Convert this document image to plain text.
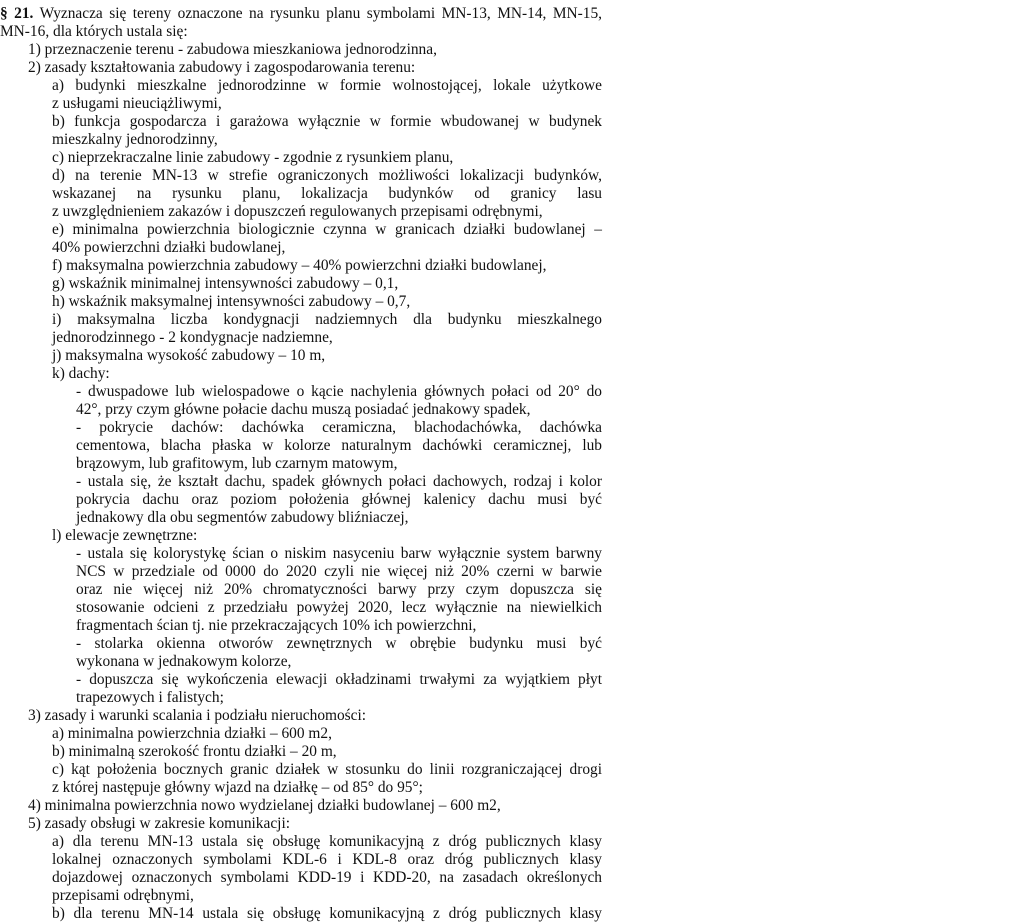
§ 21. Wyznacza się tereny oznaczone na rysunku planu symbolami MN-13, MN-14, MN-15,
MN-16, dla których ustala się:
1) przeznaczenie terenu - zabudowa mieszkaniowa jednorodzinna,
2) zasady kształtowania zabudowy i zagospodarowania terenu:
a) budynki mieszkalne jednorodzinne w formie wolnostojącej, lokale użytkowe
z usługami nieuciążliwymi,
b) funkcja gospodarcza i garażowa wyłącznie w formie wbudowanej w budynek
mieszkalny jednorodzinny,
c) nieprzekraczalne linie zabudowy - zgodnie z rysunkiem planu,
d) na terenie MN-13 w strefie ograniczonych możliwości lokalizacji budynków,
wskazanej na rysunku planu, lokalizacja budynków od granicy lasu
z uwzględnieniem zakazów i dopuszczeń regulowanych przepisami odrębnymi,
e) minimalna powierzchnia biologicznie czynna w granicach działki budowlanej –
40% powierzchni działki budowlanej,
f) maksymalna powierzchnia zabudowy – 40% powierzchni działki budowlanej,
g) wskaźnik minimalnej intensywności zabudowy – 0,1,
h) wskaźnik maksymalnej intensywności zabudowy – 0,7,
i) maksymalna liczba kondygnacji nadziemnych dla budynku mieszkalnego
jednorodzinnego - 2 kondygnacje nadziemne,
j) maksymalna wysokość zabudowy – 10 m,
k) dachy:
- dwuspadowe lub wielospadowe o kącie nachylenia głównych połaci od 20° do
42°, przy czym główne połacie dachu muszą posiadać jednakowy spadek,
- pokrycie dachów: dachówka ceramiczna, blachodachówka, dachówka
cementowa, blacha płaska w kolorze naturalnym dachówki ceramicznej, lub
brązowym, lub grafitowym, lub czarnym matowym,
- ustala się, że kształt dachu, spadek głównych połaci dachowych, rodzaj i kolor
pokrycia dachu oraz poziom położenia głównej kalenicy dachu musi być
jednakowy dla obu segmentów zabudowy bliźniaczej,
l) elewacje zewnętrzne:
- ustala się kolorystykę ścian o niskim nasyceniu barw wyłącznie system barwny
NCS w przedziale od 0000 do 2020 czyli nie więcej niż 20% czerni w barwie
oraz nie więcej niż 20% chromatyczności barwy przy czym dopuszcza się
stosowanie odcieni z przedziału powyżej 2020, lecz wyłącznie na niewielkich
fragmentach ścian tj. nie przekraczających 10% ich powierzchni,
- stolarka okienna otworów zewnętrznych w obrębie budynku musi być
wykonana w jednakowym kolorze,
- dopuszcza się wykończenia elewacji okładzinami trwałymi za wyjątkiem płyt
trapezowych i falistych;
3) zasady i warunki scalania i podziału nieruchomości:
a) minimalna powierzchnia działki – 600 m2,
b) minimalną szerokość frontu działki – 20 m,
c) kąt położenia bocznych granic działek w stosunku do linii rozgraniczającej drogi
z której następuje główny wjazd na działkę – od 85° do 95°;
4) minimalna powierzchnia nowo wydzielanej działki budowlanej – 600 m2,
5) zasady obsługi w zakresie komunikacji:
a) dla terenu MN-13 ustala się obsługę komunikacyjną z dróg publicznych klasy
lokalnej oznaczonych symbolami KDL-6 i KDL-8 oraz dróg publicznych klasy
dojazdowej oznaczonych symbolami KDD-19 i KDD-20, na zasadach określonych
przepisami odrębnymi,
b) dla terenu MN-14 ustala się obsługę komunikacyjną z dróg publicznych klasy
